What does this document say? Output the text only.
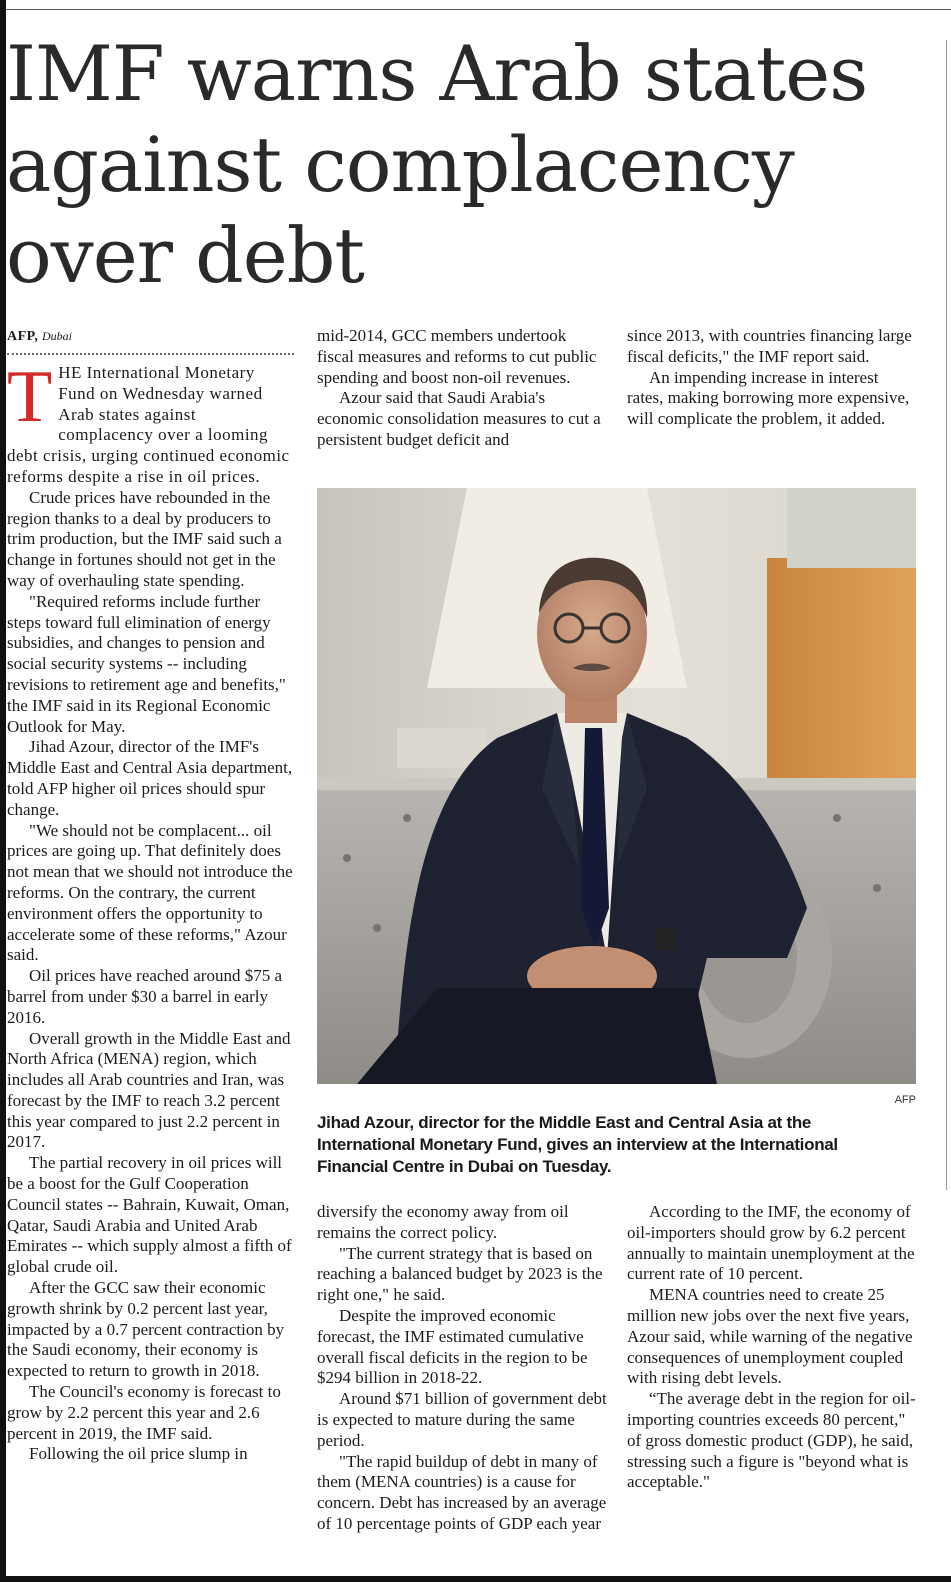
IMF warns Arab states against complacency over debt
AFP, Dubai

THE International Monetary Fund on Wednesday warned Arab states against complacency over a looming debt crisis, urging continued economic reforms despite a rise in oil prices.

Crude prices have rebounded in the region thanks to a deal by producers to trim production, but the IMF said such a change in fortunes should not get in the way of overhauling state spending.

"Required reforms include further steps toward full elimination of energy subsidies, and changes to pension and social security systems -- including revisions to retirement age and benefits," the IMF said in its Regional Economic Outlook for May.

Jihad Azour, director of the IMF's Middle East and Central Asia department, told AFP higher oil prices should spur change.

"We should not be complacent... oil prices are going up. That definitely does not mean that we should not introduce the reforms. On the contrary, the current environment offers the opportunity to accelerate some of these reforms," Azour said.

Oil prices have reached around $75 a barrel from under $30 a barrel in early 2016.

Overall growth in the Middle East and North Africa (MENA) region, which includes all Arab countries and Iran, was forecast by the IMF to reach 3.2 percent this year compared to just 2.2 percent in 2017.

The partial recovery in oil prices will be a boost for the Gulf Cooperation Council states -- Bahrain, Kuwait, Oman, Qatar, Saudi Arabia and United Arab Emirates -- which supply almost a fifth of global crude oil.

After the GCC saw their economic growth shrink by 0.2 percent last year, impacted by a 0.7 percent contraction by the Saudi economy, their economy is expected to return to growth in 2018.

The Council's economy is forecast to grow by 2.2 percent this year and 2.6 percent in 2019, the IMF said.

Following the oil price slump in

mid-2014, GCC members undertook fiscal measures and reforms to cut public spending and boost non-oil revenues.

Azour said that Saudi Arabia's economic consolidation measures to cut a persistent budget deficit and

since 2013, with countries financing large fiscal deficits," the IMF report said.

An impending increase in interest rates, making borrowing more expensive, will complicate the problem, it added.

AFP

Jihad Azour, director for the Middle East and Central Asia at the International Monetary Fund, gives an interview at the International Financial Centre in Dubai on Tuesday.

diversify the economy away from oil remains the correct policy.

"The current strategy that is based on reaching a balanced budget by 2023 is the right one," he said.

Despite the improved economic forecast, the IMF estimated cumulative overall fiscal deficits in the region to be $294 billion in 2018-22.

Around $71 billion of government debt is expected to mature during the same period.

"The rapid buildup of debt in many of them (MENA countries) is a cause for concern. Debt has increased by an average of 10 percentage points of GDP each year

According to the IMF, the economy of oil-importers should grow by 6.2 percent annually to maintain unemployment at the current rate of 10 percent.

MENA countries need to create 25 million new jobs over the next five years, Azour said, while warning of the negative consequences of unemployment coupled with rising debt levels.

“The average debt in the region for oil-importing countries exceeds 80 percent," of gross domestic product (GDP), he said, stressing such a figure is "beyond what is acceptable."
